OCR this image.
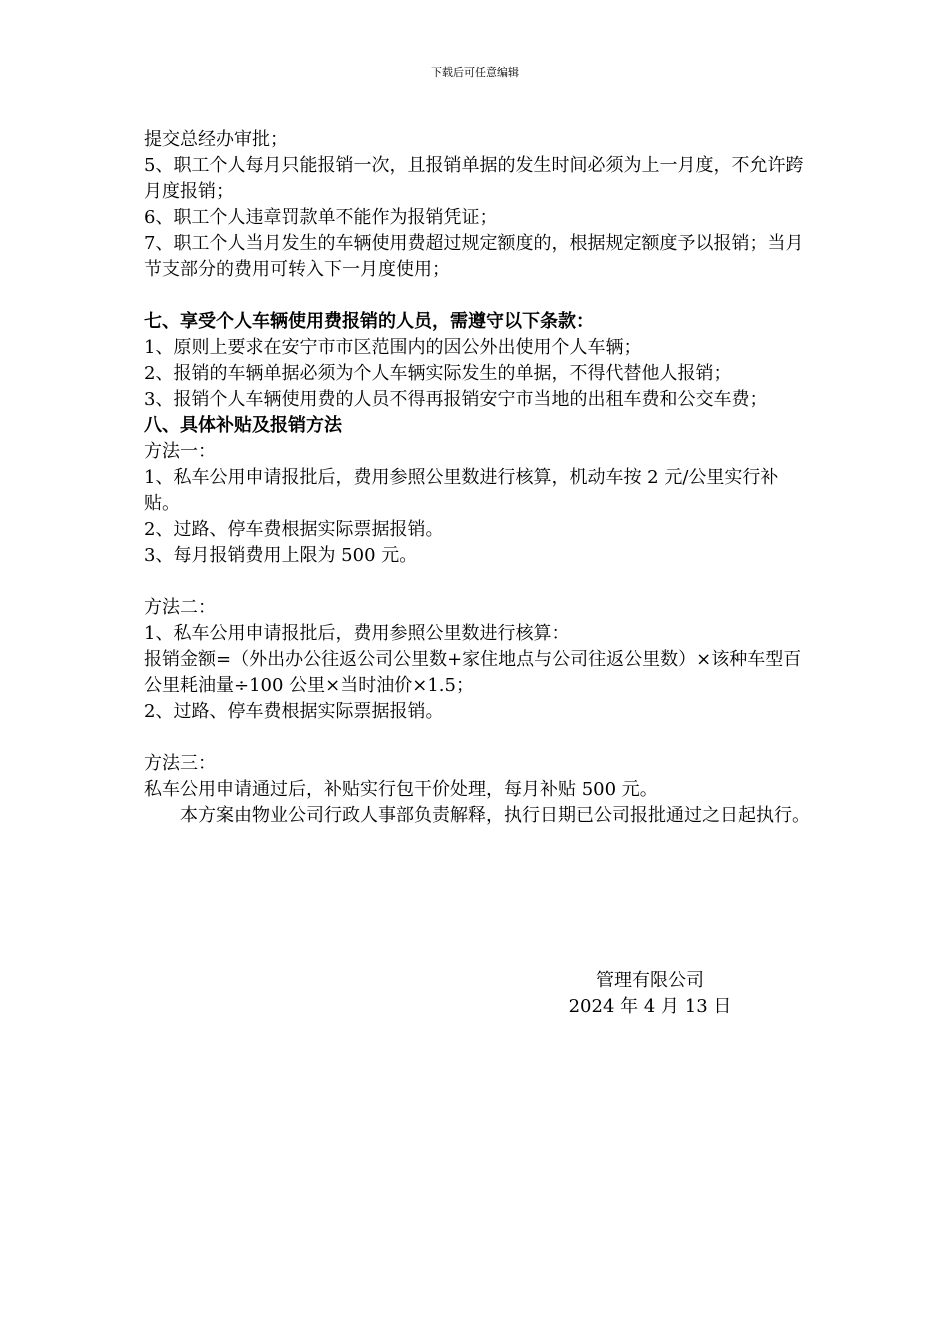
下载后可任意编辑

提交总经办审批；

5、职工个人每月只能报销一次，且报销单据的发生时间必须为上一月度，不允许跨月度报销；

6、职工个人违章罚款单不能作为报销凭证；

7、职工个人当月发生的车辆使用费超过规定额度的，根据规定额度予以报销；当月节支部分的费用可转入下一月度使用；

七、享受个人车辆使用费报销的人员，需遵守以下条款：

1、原则上要求在安宁市市区范围内的因公外出使用个人车辆；

2、报销的车辆单据必须为个人车辆实际发生的单据，不得代替他人报销；

3、报销个人车辆使用费的人员不得再报销安宁市当地的出租车费和公交车费；

八、具体补贴及报销方法

方法一：

1、私车公用申请报批后，费用参照公里数进行核算，机动车按 2 元/公里实行补贴。

2、过路、停车费根据实际票据报销。

3、每月报销费用上限为 500 元。

方法二：

1、私车公用申请报批后，费用参照公里数进行核算：

报销金额=（外出办公往返公司公里数+家住地点与公司往返公里数）×该种车型百公里耗油量÷100 公里×当时油价×1.5；

2、过路、停车费根据实际票据报销。

方法三：

私车公用申请通过后，补贴实行包干价处理，每月补贴 500 元。

本方案由物业公司行政人事部负责解释，执行日期已公司报批通过之日起执行。

管理有限公司

2024 年 4 月 13 日
